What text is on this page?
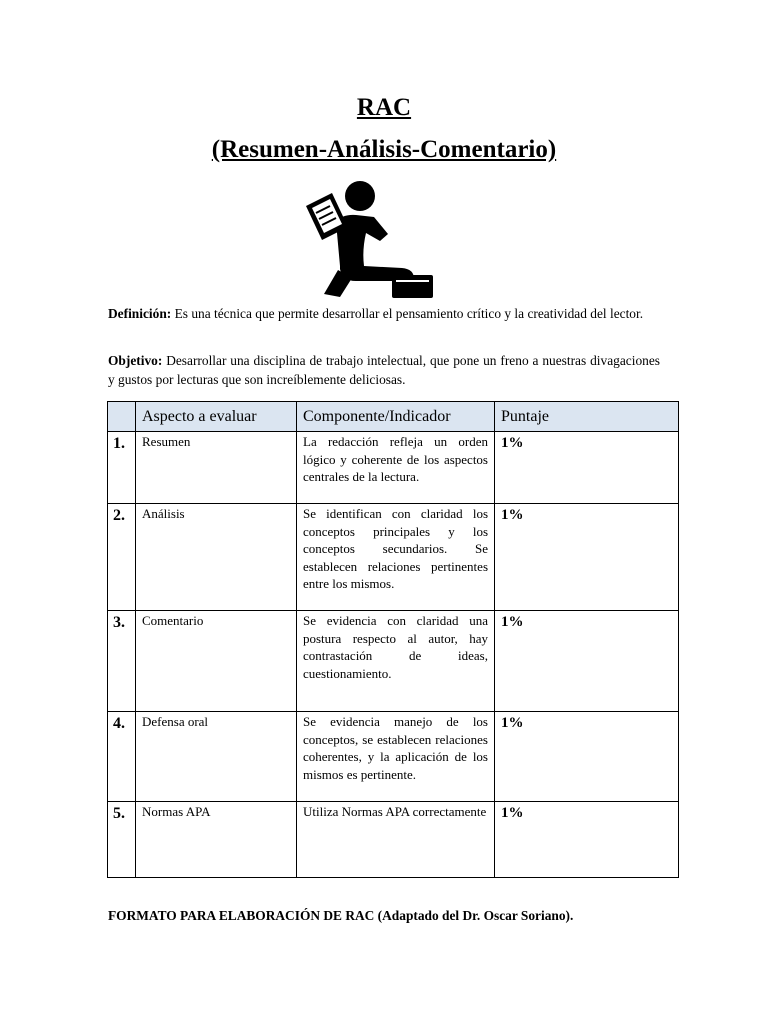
RAC
(Resumen-Análisis-Comentario)

Definición: Es una técnica que permite desarrollar el pensamiento crítico y la creatividad del lector.

Objetivo: Desarrollar una disciplina de trabajo intelectual, que pone un freno a nuestras divagaciones y gustos por lecturas que son increíblemente deliciosas.

	Aspecto a evaluar	Componente/Indicador	Puntaje
1.	Resumen	La redacción refleja un orden lógico y coherente de los aspectos centrales de la lectura.	1%
2.	Análisis	Se identifican con claridad los conceptos principales y los conceptos secundarios. Se establecen relaciones pertinentes entre los mismos.	1%
3.	Comentario	Se evidencia con claridad una postura respecto al autor, hay contrastación de ideas, cuestionamiento.	1%
4.	Defensa oral	Se evidencia manejo de los conceptos, se establecen relaciones coherentes, y la aplicación de los mismos es pertinente.	1%
5.	Normas APA	Utiliza Normas APA correctamente	1%

FORMATO PARA ELABORACIÓN DE RAC (Adaptado del Dr. Oscar Soriano).
